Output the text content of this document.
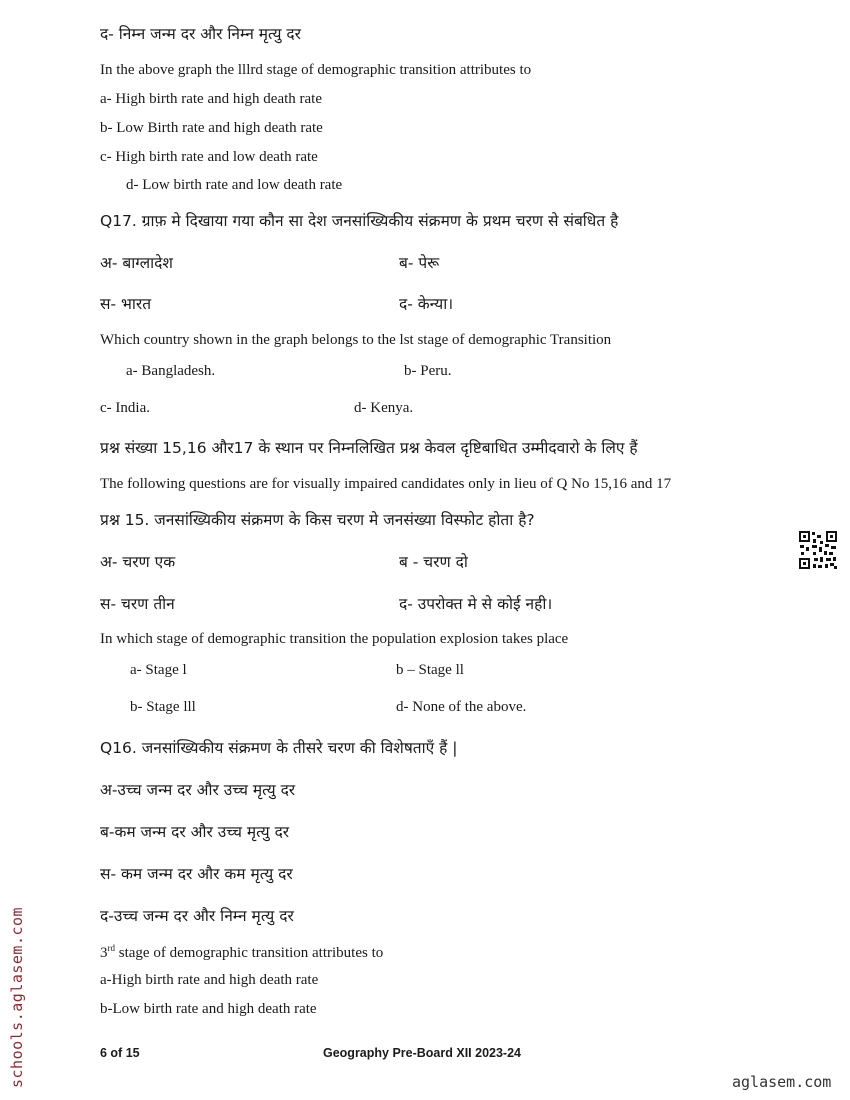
द- निम्न जन्म दर और निम्न मृत्यु दर
In the above graph the lllrd stage of demographic transition attributes to
a- High birth rate and high death rate
b- Low Birth rate and high death rate
c- High birth rate and low death rate
d- Low birth rate and low death rate
Q17. ग्राफ़ मे दिखाया गया कौन सा देश जनसांख्यिकीय संक्रमण के प्रथम चरण से संबधित है
अ- बाग्लादेश	ब- पेरू
स- भारत	द- केन्या।
Which country shown in the graph belongs to the lst stage of demographic Transition
a- Bangladesh.	b- Peru.
c- India.	d- Kenya.
प्रश्न संख्या 15,16 और17 के स्थान पर निम्नलिखित प्रश्न केवल दृष्टिबाधित उम्मीदवारो के लिए हैं
The following questions are for visually impaired candidates only in lieu of Q No 15,16 and 17
प्रश्न 15. जनसांख्यिकीय संक्रमण के किस चरण मे जनसंख्या विस्फोट होता है?
अ- चरण एक	ब - चरण दो
स- चरण तीन	द- उपरोक्त मे से कोई नही।
In which stage of demographic transition the population explosion takes place
a- Stage l	b – Stage ll
b- Stage lll	d- None of the above.
Q16. जनसांख्यिकीय संक्रमण के तीसरे चरण की विशेषताएँ हैं |
अ-उच्च जन्म दर और उच्च मृत्यु दर
ब-कम जन्म दर और उच्च मृत्यु दर
स- कम जन्म दर और कम मृत्यु दर
द-उच्च जन्म दर और निम्न मृत्यु दर
3rd stage of demographic transition attributes to
a-High birth rate and high death rate
b-Low birth rate and high death rate
6 of 15	Geography Pre-Board XII 2023-24
schools.aglasem.com	aglasem.com
